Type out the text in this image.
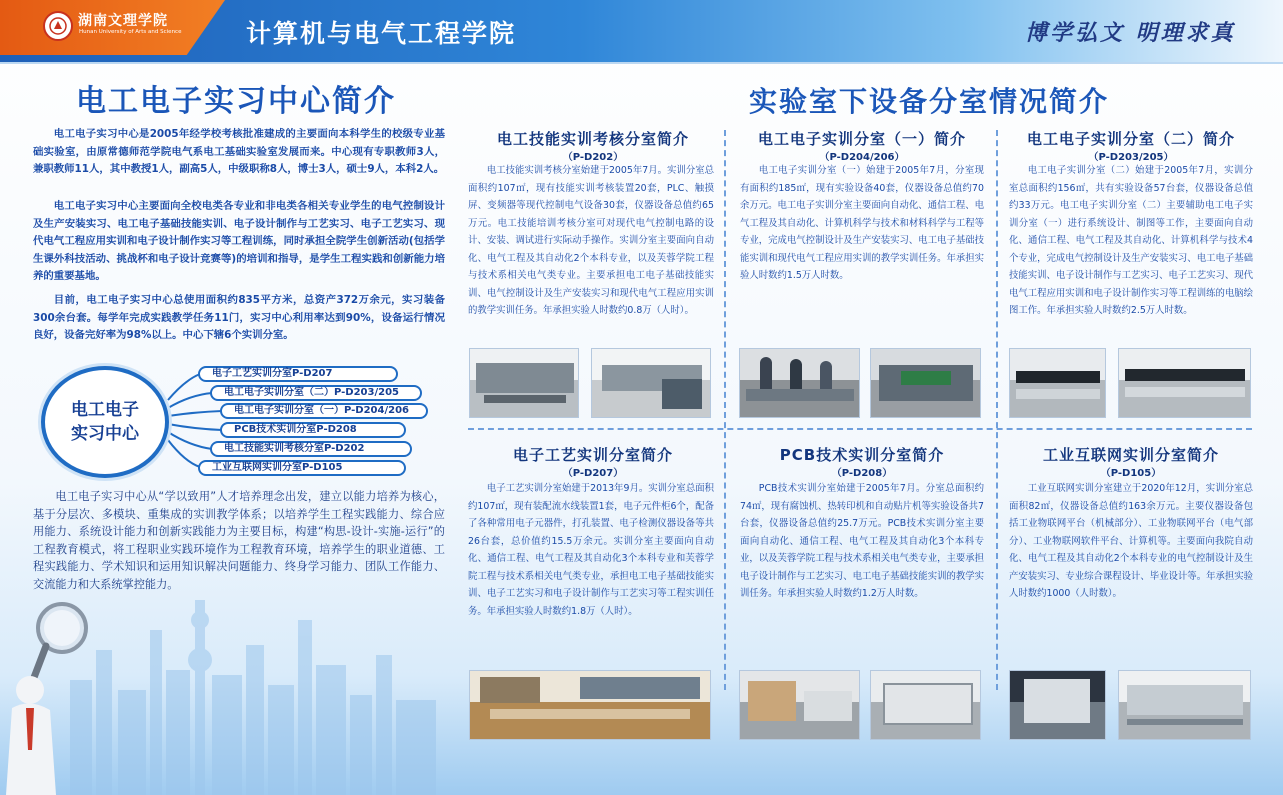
湖南文理学院
Hunan University of Arts and Science	计算机与电气工程学院	博学弘文 明理求真
电工电子实习中心简介

电工电子实习中心是2005年经学校考核批准建成的主要面向本科学生的校级专业基础实验室，由原常德师范学院电气系电工基础实验室发展而来。中心现有专职教师3人，兼职教师11人，其中教授1人，副高5人，中级职称8人，博士3人，硕士9人，本科2人。

电工电子实习中心主要面向全校电类各专业和非电类各相关专业学生的电气控制设计及生产安装实习、电工电子基础技能实训、电子设计制作与工艺实习、电子工艺实习、现代电气工程应用实训和电子设计制作实习等工程训练，同时承担全院学生创新活动(包括学生课外科技活动、挑战杯和电子设计竞赛等)的培训和指导，是学生工程实践和创新能力培养的重要基地。

目前，电工电子实习中心总使用面积约835平方米，总资产372万余元，实习装备300余台套。每学年完成实践教学任务11门，实习中心利用率达到90%，设备运行情况良好，设备完好率为98%以上。中心下辖6个实训分室。

电工电子
实习中心
电子工艺实训分室P-D207
电工电子实训分室（二）P-D203/205
电工电子实训分室（一）P-D204/206
PCB技术实训分室P-D208
电工技能实训考核分室P-D202
工业互联网实训分室P-D105

电工电子实习中心从“学以致用”人才培养理念出发，建立以能力培养为核心，基于分层次、多模块、重集成的实训教学体系；以培养学生工程实践能力、综合应用能力、系统设计能力和创新实践能力为主要目标，构建“构思-设计-实施-运行”的工程教育模式，将工程职业实践环境作为工程教育环境，培养学生的职业道德、工程实践能力、学术知识和运用知识解决问题能力、终身学习能力、团队工作能力、交流能力和大系统掌控能力。

实验室下设备分室情况简介
电工技能实训考核分室简介
（P-D202）

电工技能实训考核分室始建于2005年7月。实训分室总面积约107㎡，现有技能实训考核装置20套，PLC、触摸屏、变频器等现代控制电气设备30套，仪器设备总值约65万元。电工技能培训考核分室可对现代电气控制电路的设计、安装、调试进行实际动手操作。实训分室主要面向自动化、电气工程及其自动化2个本科专业，以及芙蓉学院工程与技术系相关电气类专业。主要承担电工电子基础技能实训、电气控制设计及生产安装实习和现代电气工程应用实训的教学实训任务。年承担实验人时数约0.8万（人时）。

电工电子实训分室（一）简介
（P-D204/206）

电工电子实训分室（一）始建于2005年7月，分室现有面积约185㎡，现有实验设备40套，仪器设备总值约70余万元。电工电子实训分室主要面向自动化、通信工程、电气工程及其自动化、计算机科学与技术和材料科学与工程等专业，完成电气控制设计及生产安装实习、电工电子基础技能实训和现代电气工程应用实训的教学实训任务。年承担实验人时数约1.5万人时数。

电工电子实训分室（二）简介
（P-D203/205）

电工电子实训分室（二）始建于2005年7月，实训分室总面积约156㎡，共有实验设备57台套，仪器设备总值约33万元。电工电子实训分室（二）主要辅助电工电子实训分室（一）进行系统设计、制图等工作，主要面向自动化、通信工程、电气工程及其自动化、计算机科学与技术4个专业，完成电气控制设计及生产安装实习、电工电子基础技能实训、电子设计制作与工艺实习、电子工艺实习、现代电气工程应用实训和电子设计制作实习等工程训练的电脑绘图工作。年承担实验人时数约2.5万人时数。

电子工艺实训分室简介
（P-D207）

电子工艺实训分室始建于2013年9月。实训分室总面积约107㎡，现有装配流水线装置1套，电子元件柜6个，配备了各种常用电子元器件，打孔装置、电子检测仪器设备等共26台套，总价值约15.5万余元。实训分室主要面向自动化、通信工程、电气工程及其自动化3个本科专业和芙蓉学院工程与技术系相关电气类专业，承担电工电子基础技能实训、电子工艺实习和电子设计制作与工艺实习等工程实训任务。年承担实验人时数约1.8万（人时）。

PCB技术实训分室简介
（P-D208）

PCB技术实训分室始建于2005年7月。分室总面积约74㎡，现有腐蚀机、热转印机和自动贴片机等实验设备共7台套，仪器设备总值约25.7万元。PCB技术实训分室主要面向自动化、通信工程、电气工程及其自动化3个本科专业，以及芙蓉学院工程与技术系相关电气类专业，主要承担电子设计制作与工艺实习、电工电子基础技能实训的教学实训任务。年承担实验人时数约1.2万人时数。

工业互联网实训分室简介
（P-D105）

工业互联网实训分室建立于2020年12月，实训分室总面积82㎡，仪器设备总值约163余万元。主要仪器设备包括工业物联网平台（机械部分）、工业物联网平台（电气部分）、工业物联网软件平台、计算机等。主要面向我院自动化、电气工程及其自动化2个本科专业的电气控制设计及生产安装实习、专业综合课程设计、毕业设计等。年承担实验人时数约1000（人时数）。
